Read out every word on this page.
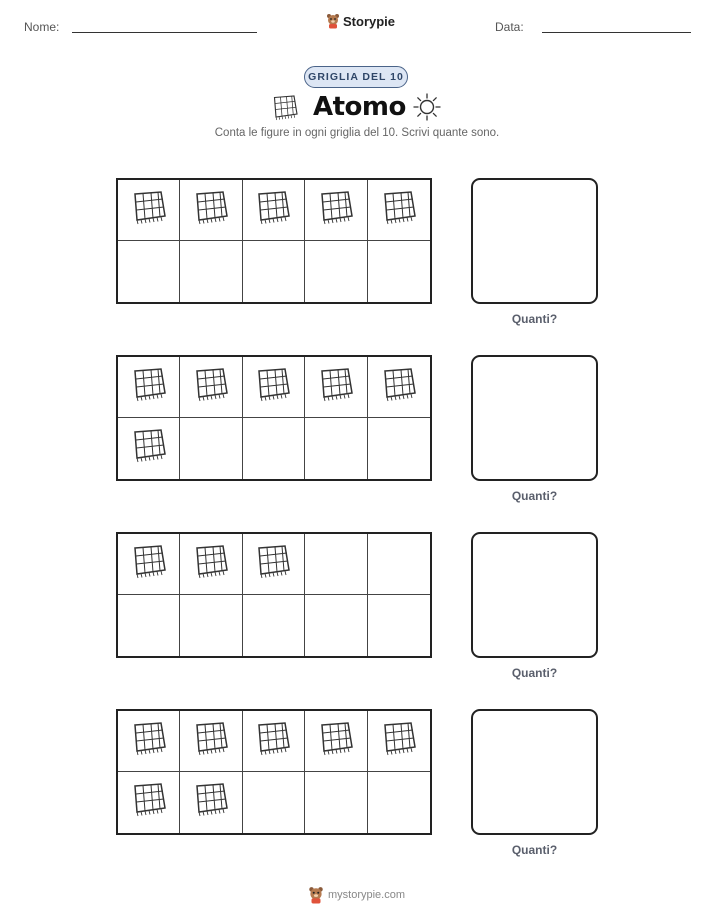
Nome:	Storypie	Data:
GRIGLIA DEL 10
Atomo
Conta le figure in ogni griglia del 10. Scrivi quante sono.
Quanti?
Quanti?
Quanti?
Quanti?
mystorypie.com
